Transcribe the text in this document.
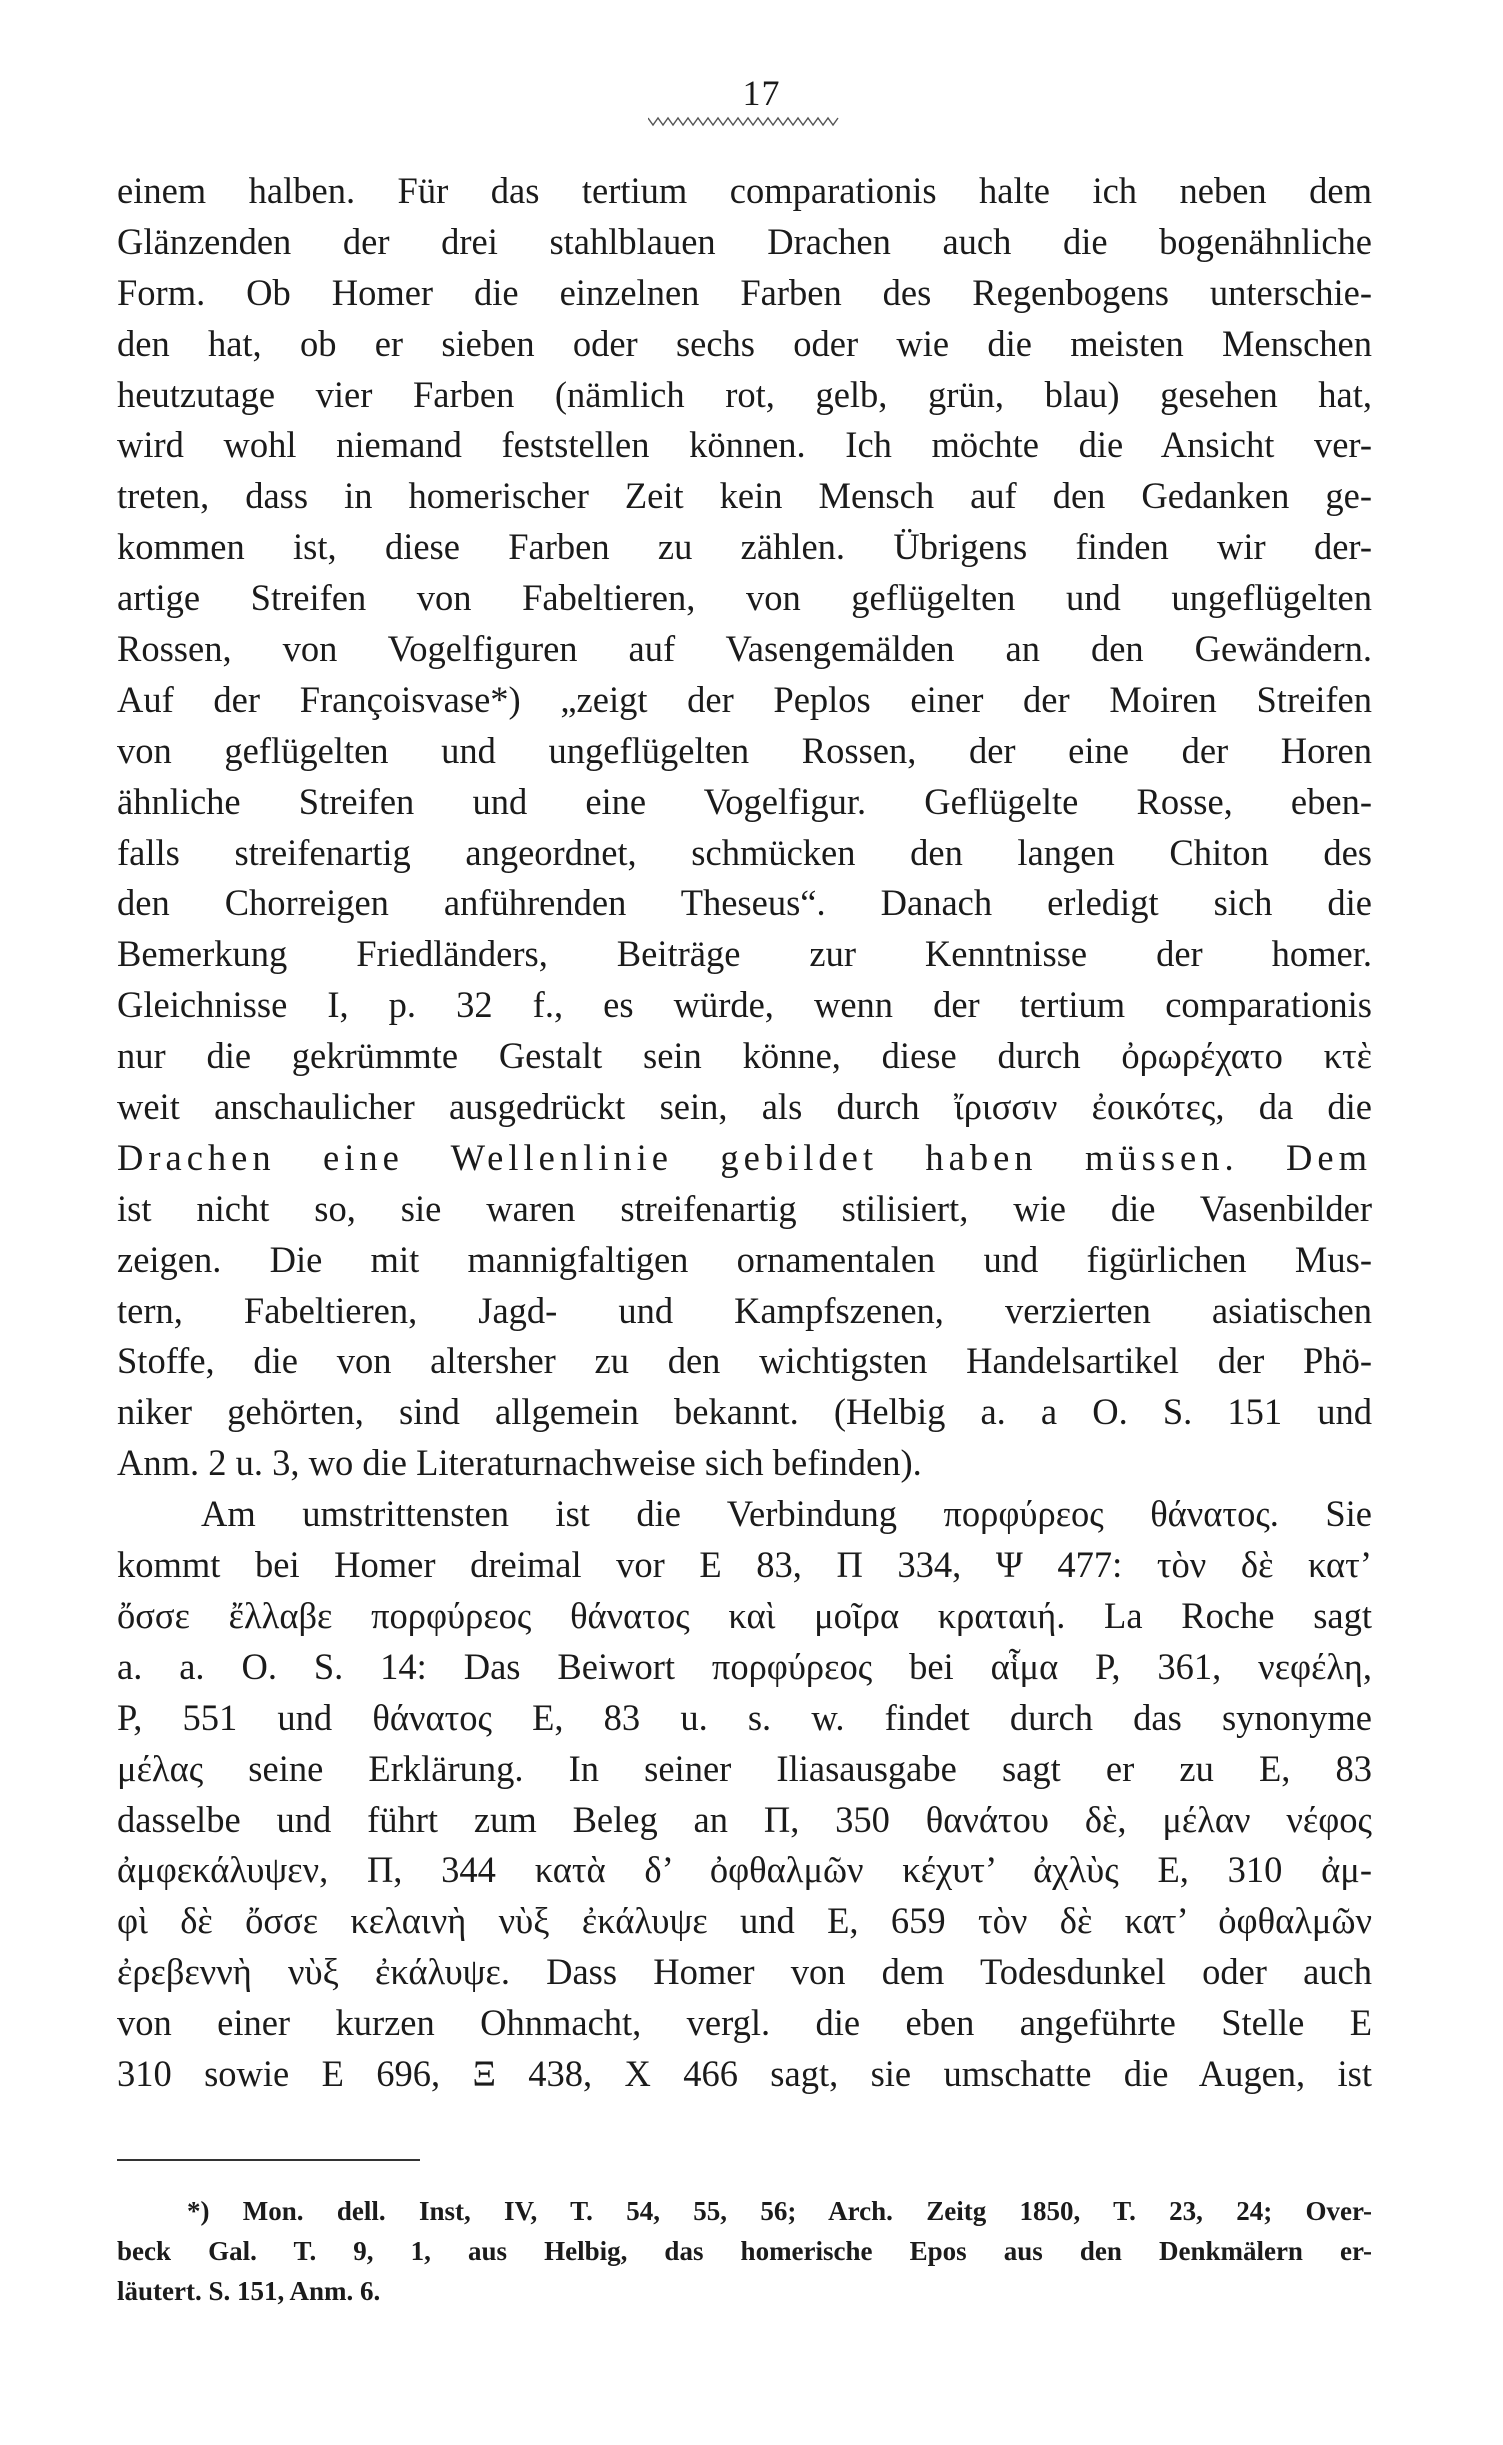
17

einem halben. Für das tertium comparationis halte ich neben dem
Glänzenden der drei stahlblauen Drachen auch die bogenähnliche
Form. Ob Homer die einzelnen Farben des Regenbogens unterschie-
den hat, ob er sieben oder sechs oder wie die meisten Menschen
heutzutage vier Farben (nämlich rot, gelb, grün, blau) gesehen hat,
wird wohl niemand feststellen können. Ich möchte die Ansicht ver-
treten, dass in homerischer Zeit kein Mensch auf den Gedanken ge-
kommen ist, diese Farben zu zählen. Übrigens finden wir der-
artige Streifen von Fabeltieren, von geflügelten und ungeflügelten
Rossen, von Vogelfiguren auf Vasengemälden an den Gewändern.
Auf der Françoisvase*) „zeigt der Peplos einer der Moiren Streifen
von geflügelten und ungeflügelten Rossen, der eine der Horen
ähnliche Streifen und eine Vogelfigur. Geflügelte Rosse, eben-
falls streifenartig angeordnet, schmücken den langen Chiton des
den Chorreigen anführenden Theseus“. Danach erledigt sich die
Bemerkung Friedländers, Beiträge zur Kenntnisse der homer.
Gleichnisse I, p. 32 f., es würde, wenn der tertium comparationis
nur die gekrümmte Gestalt sein könne, diese durch ὀρωρέχατο κτὲ
weit anschaulicher ausgedrückt sein, als durch ἴρισσιν ἐοικότες, da die
Drachen eine Wellenlinie gebildet haben müssen. Dem
ist nicht so, sie waren streifenartig stilisiert, wie die Vasenbilder
zeigen. Die mit mannigfaltigen ornamentalen und figürlichen Mus-
tern, Fabeltieren, Jagd- und Kampfszenen, verzierten asiatischen
Stoffe, die von altersher zu den wichtigsten Handelsartikel der Phö-
niker gehörten, sind allgemein bekannt. (Helbig a. a O. S. 151 und
Anm. 2 u. 3, wo die Literaturnachweise sich befinden).

Am umstrittensten ist die Verbindung πορφύρεος θάνατος. Sie
kommt bei Homer dreimal vor E 83, Π 334, Ψ 477: τὸν δὲ κατ’
ὄσσε ἔλλαβε πορφύρεος θάνατος καὶ μοῖρα κραταιή. La Roche sagt
a. a. O. S. 14: Das Beiwort πορφύρεος bei αἷμα P, 361, νεφέλη,
P, 551 und θάνατος E, 83 u. s. w. findet durch das synonyme
μέλας seine Erklärung. In seiner Iliasausgabe sagt er zu E, 83
dasselbe und führt zum Beleg an Π, 350 θανάτου δὲ, μέλαν νέφος
ἀμφεκάλυψεν, Π, 344 κατὰ δ’ ὀφθαλμῶν κέχυτ’ ἀχλὺς E, 310 ἀμ-
φὶ δὲ ὄσσε κελαινὴ νὺξ ἐκάλυψε und E, 659 τὸν δὲ κατ’ ὀφθαλμῶν
ἐρεβεννὴ νὺξ ἐκάλυψε. Dass Homer von dem Todesdunkel oder auch
von einer kurzen Ohnmacht, vergl. die eben angeführte Stelle E
310 sowie E 696, Ξ 438, X 466 sagt, sie umschatte die Augen, ist

*) Mon. dell. Inst, IV, T. 54, 55, 56; Arch. Zeitg 1850, T. 23, 24; Over-
beck Gal. T. 9, 1, aus Helbig, das homerische Epos aus den Denkmälern er-
läutert. S. 151, Anm. 6.
